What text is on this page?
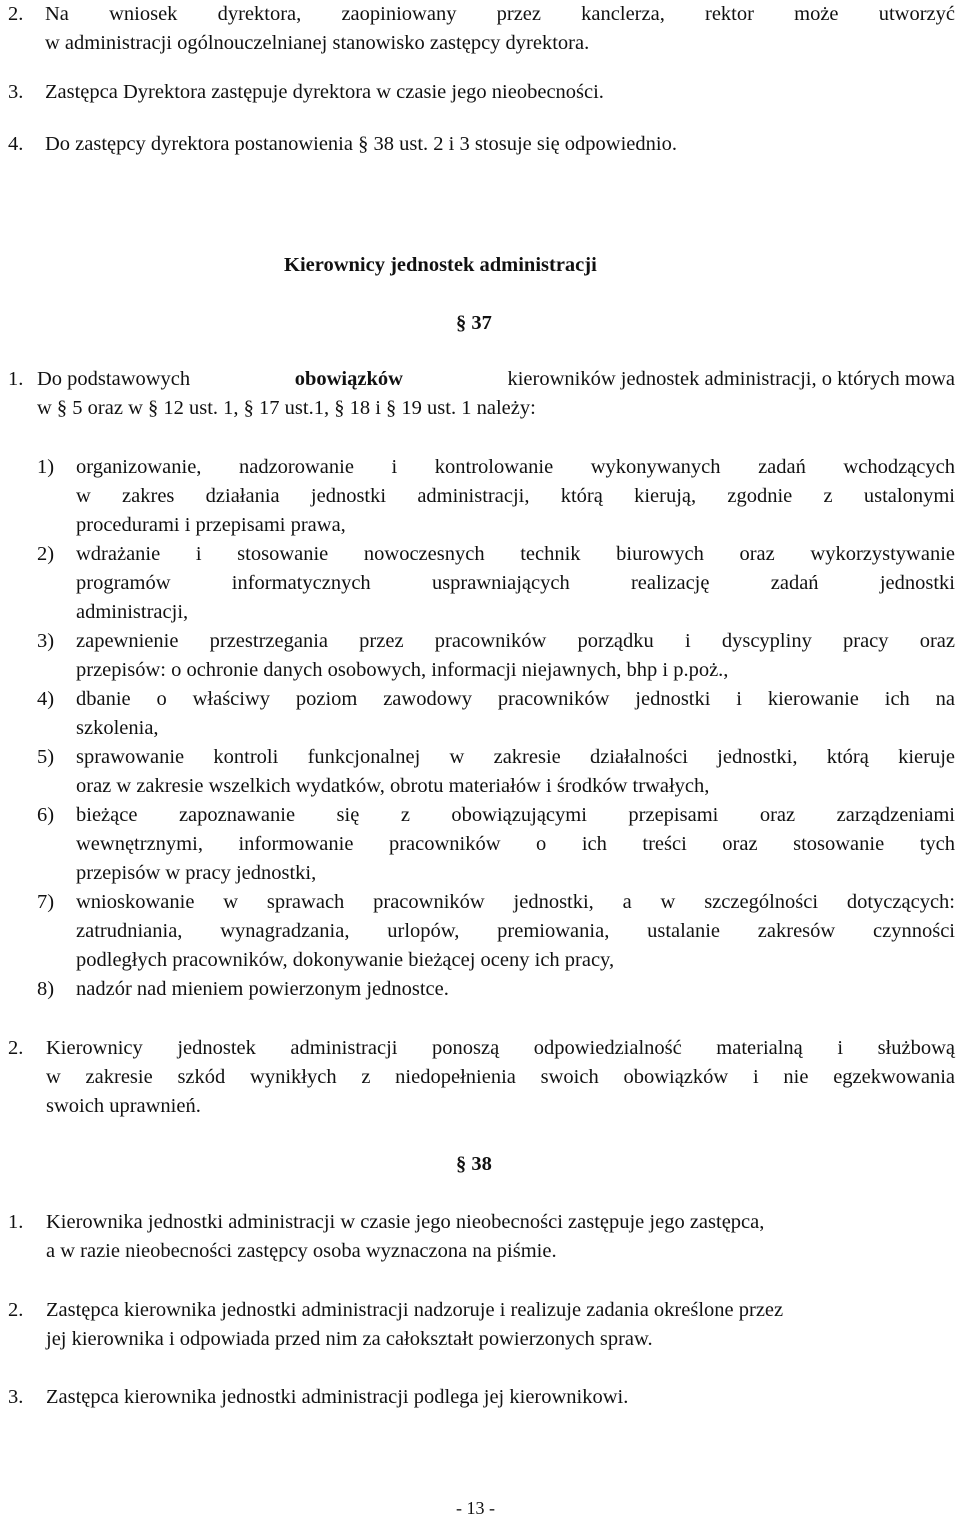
2. Na wniosek dyrektora, zaopiniowany przez kanclerza, rektor może utworzyć
w administracji ogólnouczelnianej stanowisko zastępcy dyrektora.
3. Zastępca Dyrektora zastępuje dyrektora w czasie jego nieobecności.
4. Do zastępcy dyrektora postanowienia § 38 ust. 2 i 3 stosuje się odpowiednio.
Kierownicy jednostek administracji
§ 37
1. Do podstawowych	obowiązków	kierowników jednostek administracji, o których mowa
w § 5 oraz w § 12 ust. 1, § 17 ust.1, § 18 i § 19 ust. 1 należy:
1) organizowanie, nadzorowanie i kontrolowanie wykonywanych zadań wchodzących
w zakres działania jednostki administracji, którą kierują, zgodnie z ustalonymi
procedurami i przepisami prawa,
2) wdrażanie i stosowanie nowoczesnych technik biurowych oraz wykorzystywanie
programów informatycznych usprawniających realizację zadań jednostki
administracji,
3) zapewnienie przestrzegania przez pracowników porządku i dyscypliny pracy oraz
przepisów: o ochronie danych osobowych, informacji niejawnych, bhp i p.poż.,
4) dbanie o właściwy poziom zawodowy pracowników jednostki i kierowanie ich na
szkolenia,
5) sprawowanie kontroli funkcjonalnej w zakresie działalności jednostki, którą kieruje
oraz w zakresie wszelkich wydatków, obrotu materiałów i środków trwałych,
6) bieżące zapoznawanie się z obowiązującymi przepisami oraz zarządzeniami
wewnętrznymi, informowanie pracowników o ich treści oraz stosowanie tych
przepisów w pracy jednostki,
7) wnioskowanie w sprawach pracowników jednostki, a w szczególności dotyczących:
zatrudniania, wynagradzania, urlopów, premiowania, ustalanie zakresów czynności
podległych pracowników, dokonywanie bieżącej oceny ich pracy,
8) nadzór nad mieniem powierzonym jednostce.
2. Kierownicy jednostek administracji ponoszą odpowiedzialność materialną i służbową
w zakresie szkód wynikłych z niedopełnienia swoich obowiązków i nie egzekwowania
swoich uprawnień.
§ 38
1. Kierownika jednostki administracji w czasie jego nieobecności zastępuje jego zastępca,
a w razie nieobecności zastępcy osoba wyznaczona na piśmie.
2. Zastępca kierownika jednostki administracji nadzoruje i realizuje zadania określone przez
jej kierownika i odpowiada przed nim za całokształt powierzonych spraw.
3. Zastępca kierownika jednostki administracji podlega jej kierownikowi.
- 13 -
